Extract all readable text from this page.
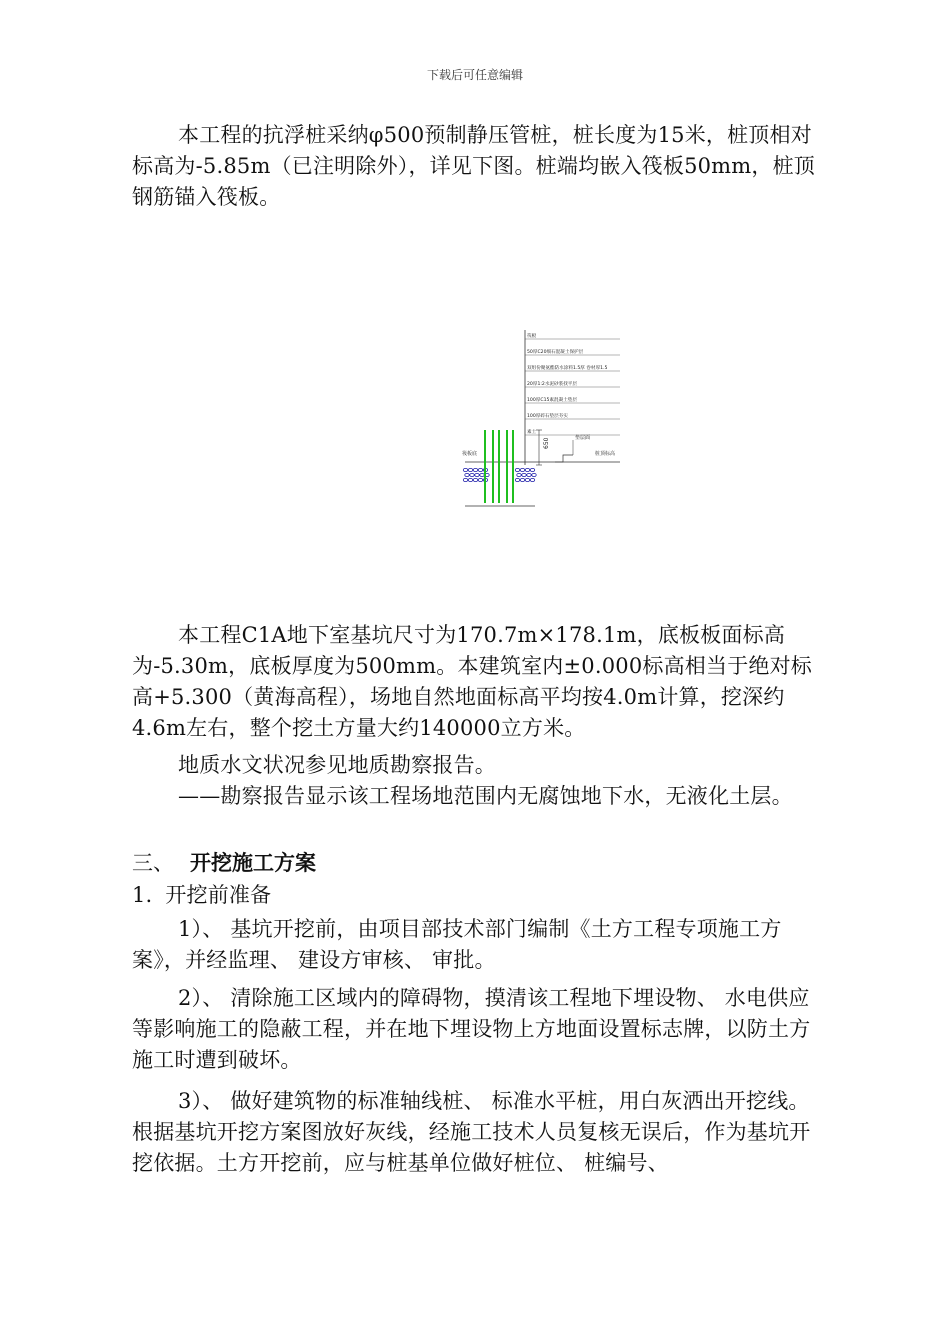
下载后可任意编辑

本工程的抗浮桩采纳φ500预制静压管桩，桩长度为15米，桩顶相对标高为-5.85m（已注明除外），详见下图。桩端均嵌入筏板50mm，桩顶钢筋锚入筏板。

筏板
50厚C20细石混凝土保护层
双组份聚氨酯防水涂料1.5厚 卷材厚1.5
20厚1:2水泥砂浆找平层
100厚C15素混凝土垫层
100厚碎石垫层夯实
素土
650	垫层面
桩顶标高
筏板底

本工程C1A地下室基坑尺寸为170.7m×178.1m，底板板面标高为-5.30m，底板厚度为500mm。本建筑室内±0.000标高相当于绝对标高+5.300（黄海高程），场地自然地面标高平均按4.0m计算，挖深约4.6m左右，整个挖土方量大约140000立方米。

地质水文状况参见地质勘察报告。

——勘察报告显示该工程场地范围内无腐蚀地下水，无液化土层。

三、 开挖施工方案
1. 开挖前准备

1）、 基坑开挖前，由项目部技术部门编制《土方工程专项施工方案》，并经监理、 建设方审核、 审批。

2）、 清除施工区域内的障碍物，摸清该工程地下埋设物、 水电供应等影响施工的隐蔽工程，并在地下埋设物上方地面设置标志牌，以防土方施工时遭到破坏。

3）、 做好建筑物的标准轴线桩、 标准水平桩，用白灰洒出开挖线。根据基坑开挖方案图放好灰线，经施工技术人员复核无误后，作为基坑开挖依据。土方开挖前，应与桩基单位做好桩位、 桩编号、
